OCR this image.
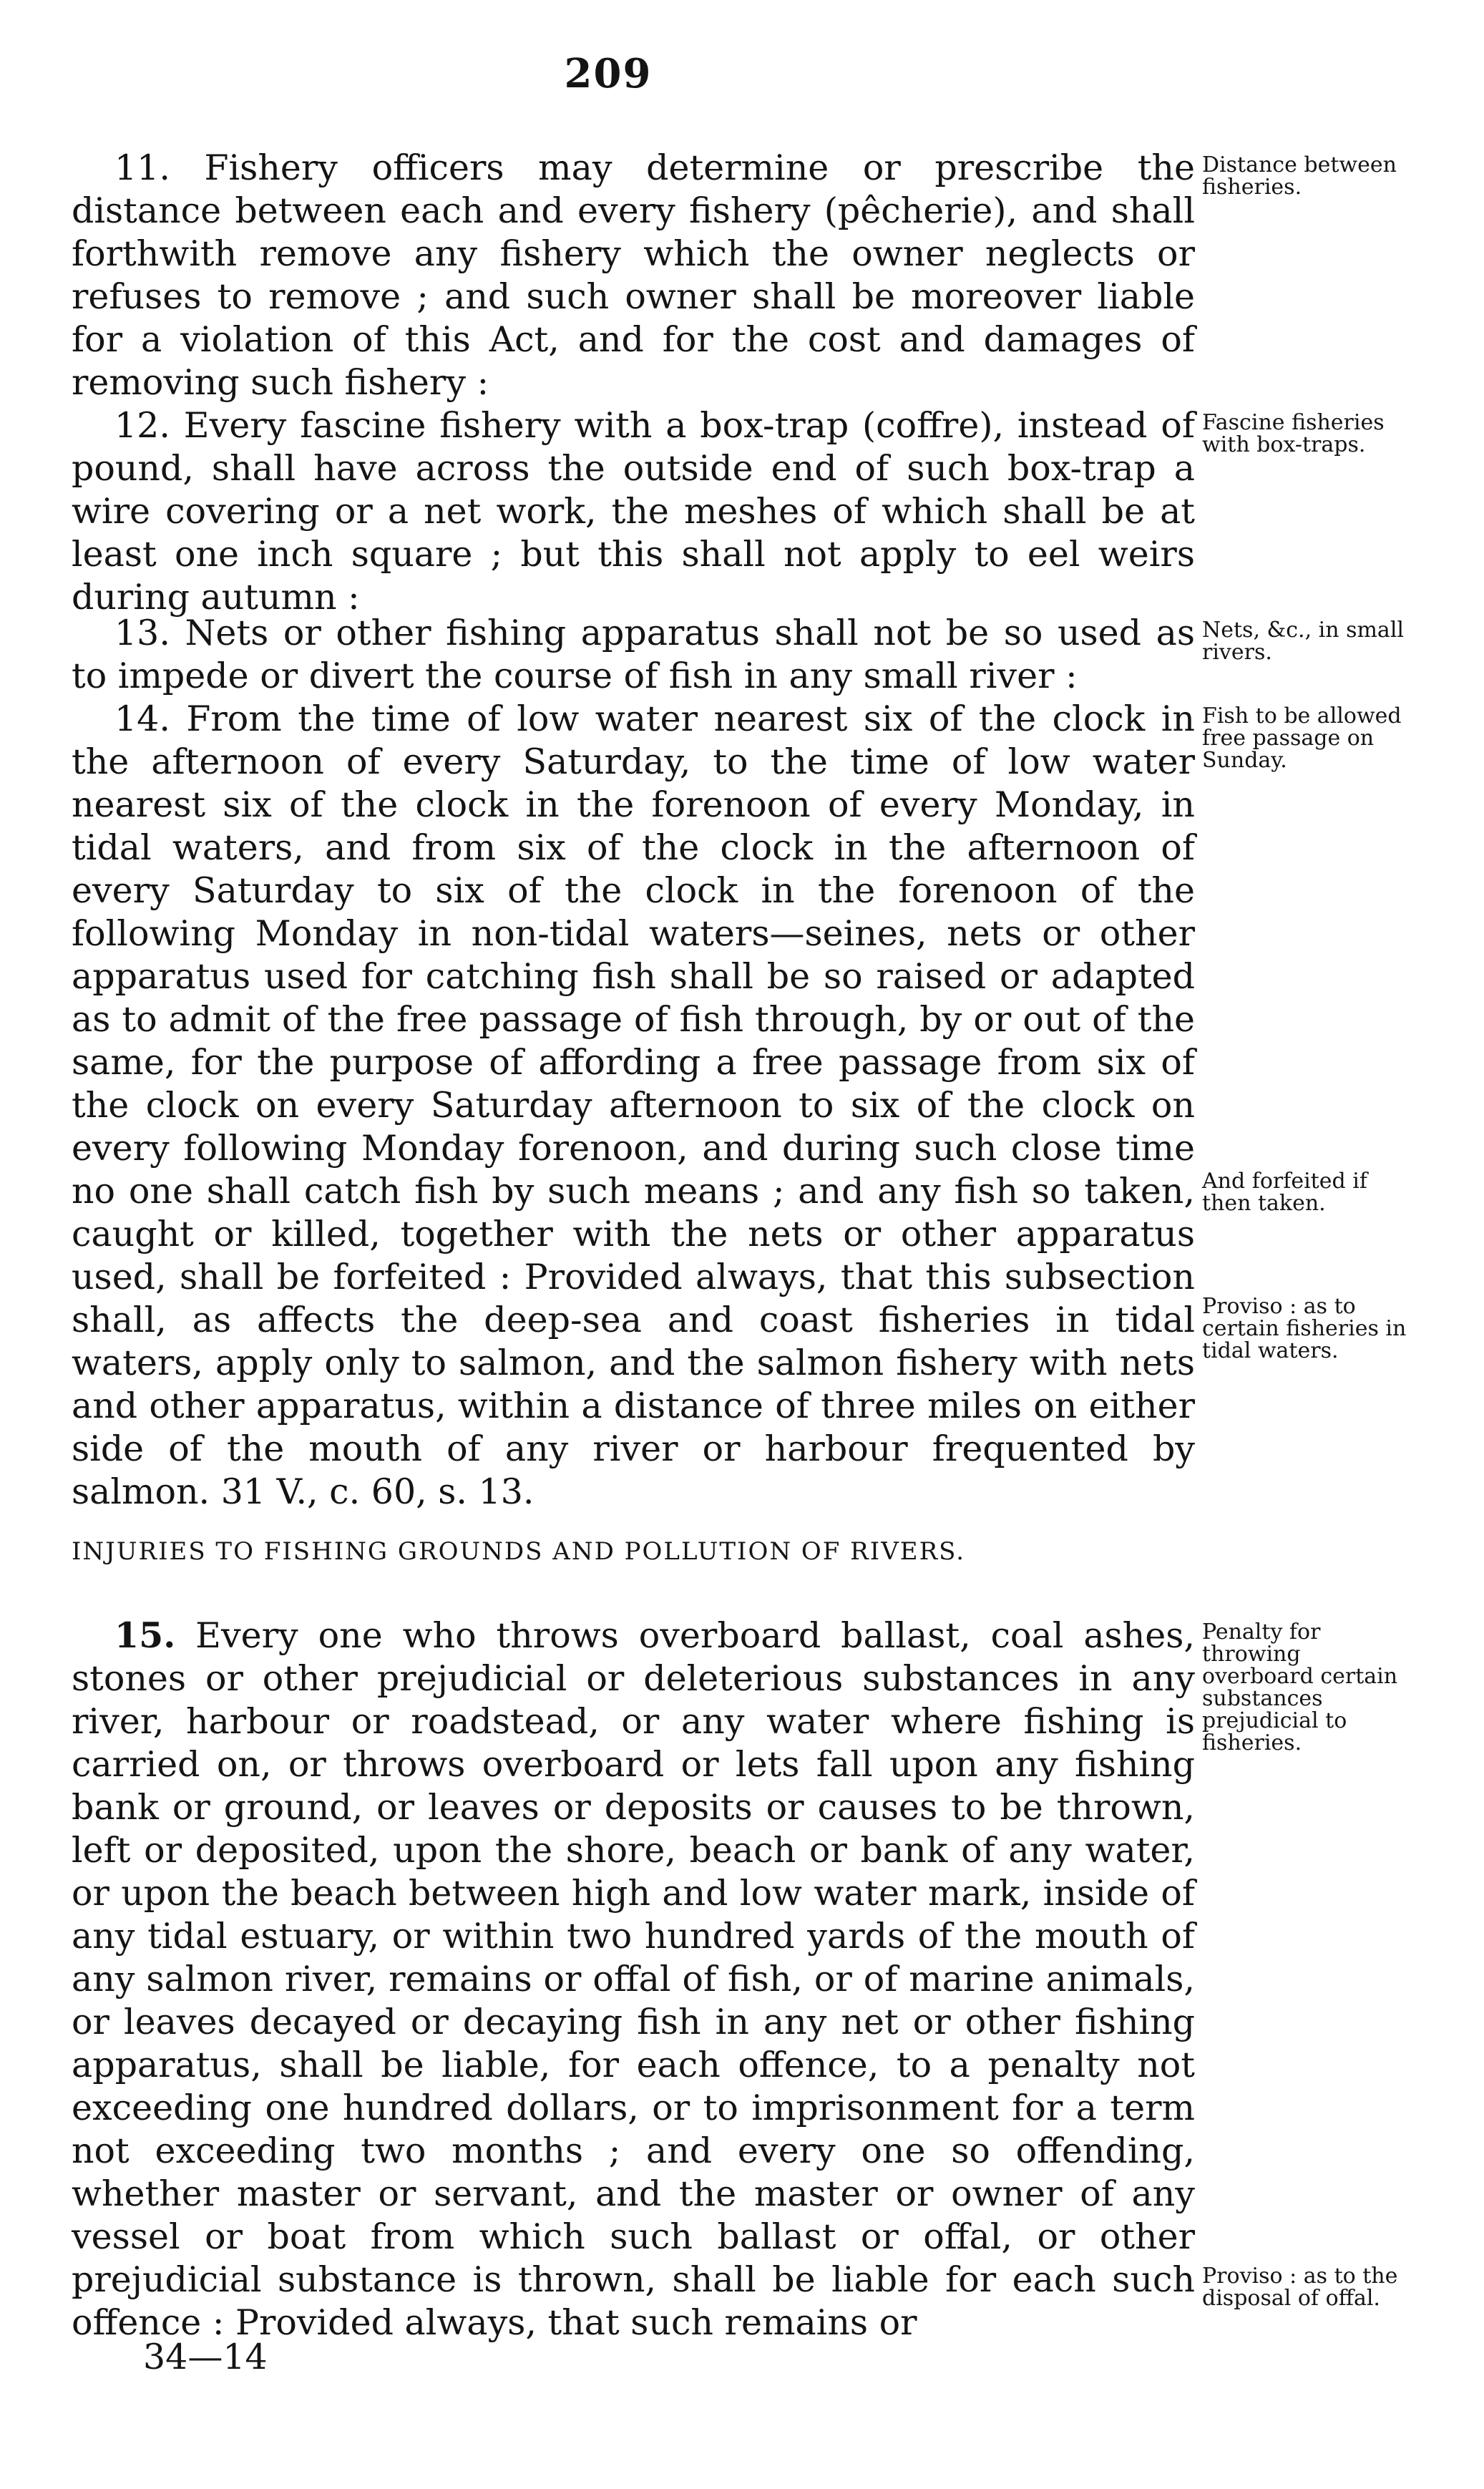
209

11. Fishery officers may determine or prescribe the distance between each and every fishery (pêcherie), and shall forthwith remove any fishery which the owner neglects or refuses to remove ; and such owner shall be moreover liable for a violation of this Act, and for the cost and damages of removing such fishery :

Distance between fisheries.

12. Every fascine fishery with a box-trap (coffre), instead of pound, shall have across the outside end of such box-trap a wire covering or a net work, the meshes of which shall be at least one inch square ; but this shall not apply to eel weirs during autumn :

Fascine fisheries with box-traps.

13. Nets or other fishing apparatus shall not be so used as to impede or divert the course of fish in any small river :

Nets, &c., in small rivers.

14. From the time of low water nearest six of the clock in the afternoon of every Saturday, to the time of low water nearest six of the clock in the forenoon of every Monday, in tidal waters, and from six of the clock in the afternoon of every Saturday to six of the clock in the forenoon of the following Monday in non-tidal waters—seines, nets or other apparatus used for catching fish shall be so raised or adapted as to admit of the free passage of fish through, by or out of the same, for the purpose of affording a free passage from six of the clock on every Saturday afternoon to six of the clock on every following Monday forenoon, and during such close time no one shall catch fish by such means ; and any fish so taken, caught or killed, together with the nets or other apparatus used, shall be forfeited : Provided always, that this subsection shall, as affects the deep-sea and coast fisheries in tidal waters, apply only to salmon, and the salmon fishery with nets and other apparatus, within a distance of three miles on either side of the mouth of any river or harbour frequented by salmon. 31 V., c. 60, s. 13.

Fish to be allowed free passage on Sunday.
And forfeited if then taken.
Proviso : as to certain fisheries in tidal waters.
INJURIES TO FISHING GROUNDS AND POLLUTION OF RIVERS.

15. Every one who throws overboard ballast, coal ashes, stones or other prejudicial or deleterious substances in any river, harbour or roadstead, or any water where fishing is carried on, or throws overboard or lets fall upon any fishing bank or ground, or leaves or deposits or causes to be thrown, left or deposited, upon the shore, beach or bank of any water, or upon the beach between high and low water mark, inside of any tidal estuary, or within two hundred yards of the mouth of any salmon river, remains or offal of fish, or of marine animals, or leaves decayed or decaying fish in any net or other fishing apparatus, shall be liable, for each offence, to a penalty not exceeding one hundred dollars, or to imprisonment for a term not exceeding two months ; and every one so offending, whether master or servant, and the master or owner of any vessel or boat from which such ballast or offal, or other prejudicial substance is thrown, shall be liable for each such offence : Provided always, that such remains or

Penalty for throwing overboard certain substances prejudicial to fisheries.
Proviso : as to the disposal of offal.
34—14
